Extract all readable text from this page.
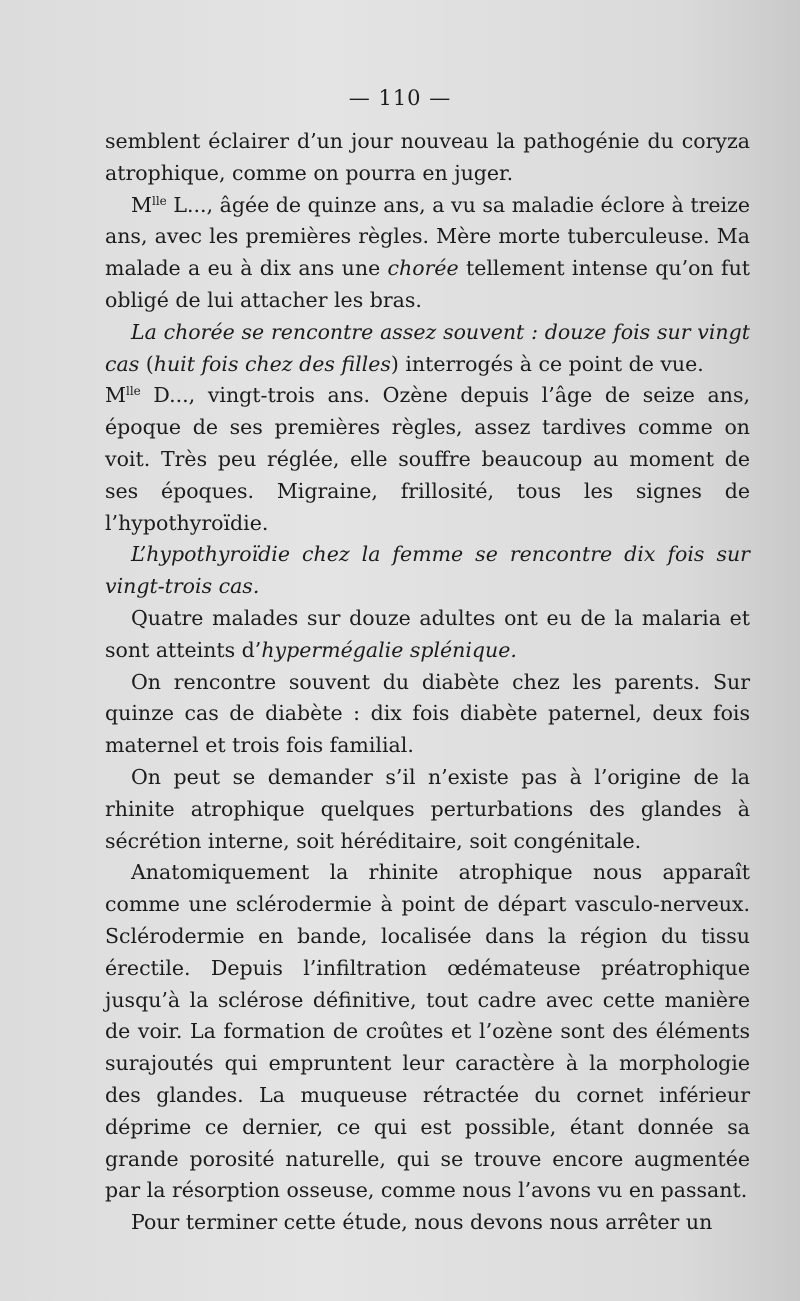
— 110 —

semblent éclairer d’un jour nouveau la pathogénie du coryza atrophique, comme on pourra en juger.

$M^{lle}$ L..., âgée de quinze ans, a vu sa maladie éclore à treize ans, avec les premières règles. Mère morte tuberculeuse. Ma malade a eu à dix ans une chorée tellement intense qu’on fut obligé de lui attacher les bras.

La chorée se rencontre assez souvent : douze fois sur vingt cas (huit fois chez des filles) interrogés à ce point de vue.

$M^{lle}$ D..., vingt-trois ans. Ozène depuis l’âge de seize ans, époque de ses premières règles, assez tardives comme on voit. Très peu réglée, elle souffre beaucoup au moment de ses époques. Migraine, frillosité, tous les signes de l’hypothyroïdie.

L’hypothyroïdie chez la femme se rencontre dix fois sur vingt-trois cas.

Quatre malades sur douze adultes ont eu de la malaria et sont atteints d’hypermégalie splénique.

On rencontre souvent du diabète chez les parents. Sur quinze cas de diabète : dix fois diabète paternel, deux fois maternel et trois fois familial.

On peut se demander s’il n’existe pas à l’origine de la rhinite atrophique quelques perturbations des glandes à sécrétion interne, soit héréditaire, soit congénitale.

Anatomiquement la rhinite atrophique nous apparaît comme une sclérodermie à point de départ vasculo-nerveux. Sclérodermie en bande, localisée dans la région du tissu érectile. Depuis l’infiltration œdémateuse préatrophique jusqu’à la sclérose définitive, tout cadre avec cette manière de voir. La formation de croûtes et l’ozène sont des éléments surajoutés qui empruntent leur caractère à la morphologie des glandes. La muqueuse rétractée du cornet inférieur déprime ce dernier, ce qui est possible, étant donnée sa grande porosité naturelle, qui se trouve encore augmentée par la résorption osseuse, comme nous l’avons vu en passant.

Pour terminer cette étude, nous devons nous arrêter un
